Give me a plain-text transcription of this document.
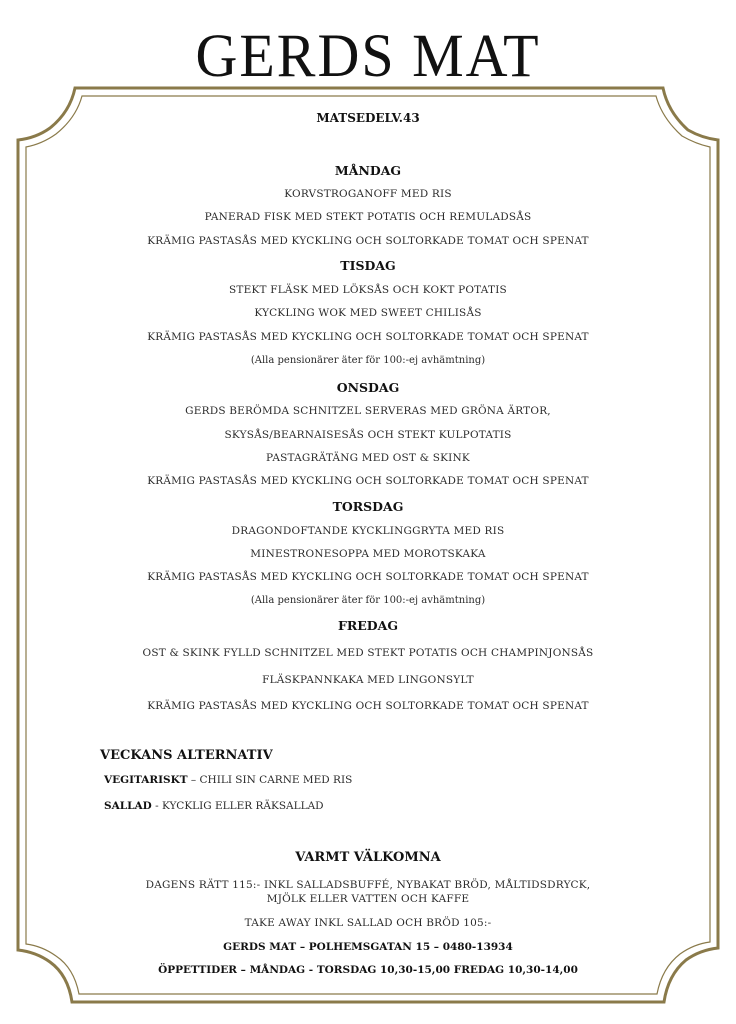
GERDS MAT
MATSEDELV.43
MÅNDAG
KORVSTROGANOFF MED RIS
PANERAD FISK MED STEKT POTATIS OCH REMULADSÅS
KRÄMIG PASTASÅS MED KYCKLING OCH SOLTORKADE TOMAT OCH SPENAT
TISDAG
STEKT FLÄSK MED LÖKSÅS OCH KOKT POTATIS
KYCKLING WOK MED SWEET CHILISÅS
KRÄMIG PASTASÅS MED KYCKLING OCH SOLTORKADE TOMAT OCH SPENAT
(Alla pensionärer äter för 100:-ej avhämtning)
ONSDAG
GERDS BERÖMDA SCHNITZEL SERVERAS MED GRÖNA ÄRTOR,
SKYSÅS/BEARNAISESÅS OCH STEKT KULPOTATIS
PASTAGRÄTÄNG MED OST & SKINK
KRÄMIG PASTASÅS MED KYCKLING OCH SOLTORKADE TOMAT OCH SPENAT
TORSDAG
DRAGONDOFTANDE KYCKLINGGRYTA MED RIS
MINESTRONESOPPA MED MOROTSKAKA
KRÄMIG PASTASÅS MED KYCKLING OCH SOLTORKADE TOMAT OCH SPENAT
(Alla pensionärer äter för 100:-ej avhämtning)
FREDAG
OST & SKINK FYLLD SCHNITZEL MED STEKT POTATIS OCH CHAMPINJONSÅS
FLÄSKPANNKAKA MED LINGONSYLT
KRÄMIG PASTASÅS MED KYCKLING OCH SOLTORKADE TOMAT OCH SPENAT
VECKANS ALTERNATIV
VEGITARISKT – CHILI SIN CARNE MED RIS
SALLAD - KYCKLIG ELLER RÄKSALLAD
VARMT VÄLKOMNA
DAGENS RÄTT 115:- INKL SALLADSBUFFÉ, NYBAKAT BRÖD, MÅLTIDSDRYCK,
MJÖLK ELLER VATTEN OCH KAFFE
TAKE AWAY INKL SALLAD OCH BRÖD 105:-
GERDS MAT – POLHEMSGATAN 15 – 0480-13934
ÖPPETTIDER – MÅNDAG - TORSDAG 10,30-15,00 FREDAG 10,30-14,00
